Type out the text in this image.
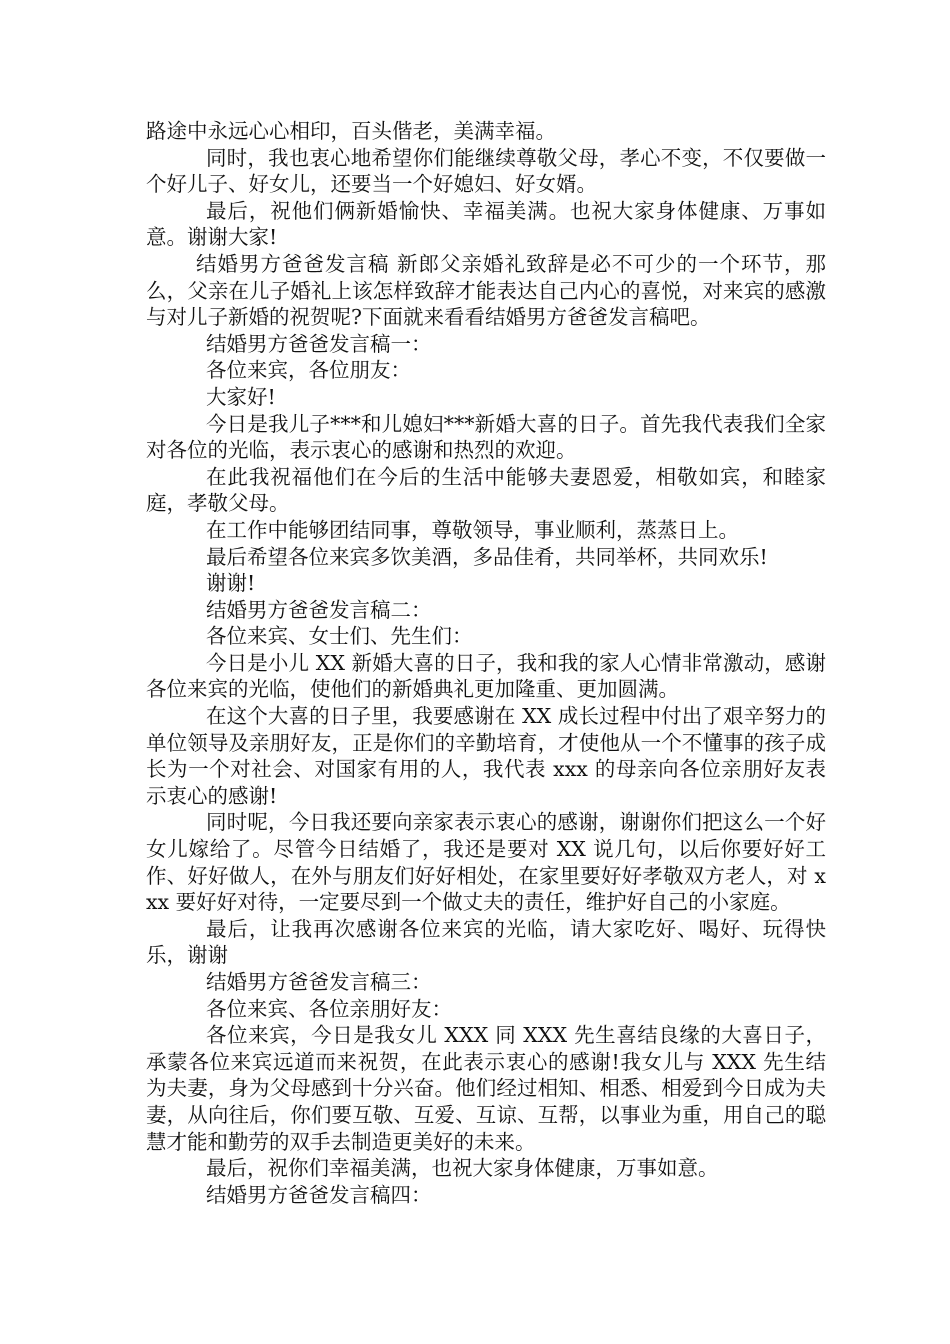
路途中永远心心相印，百头偕老，美满幸福。

同时，我也衷心地希望你们能继续尊敬父母，孝心不变，不仅要做一个好儿子、好女儿，还要当一个好媳妇、好女婿。

最后，祝他们俩新婚愉快、幸福美满。也祝大家身体健康、万事如意。谢谢大家!

结婚男方爸爸发言稿 新郎父亲婚礼致辞是必不可少的一个环节，那么，父亲在儿子婚礼上该怎样致辞才能表达自己内心的喜悦，对来宾的感激与对儿子新婚的祝贺呢?下面就来看看结婚男方爸爸发言稿吧。

结婚男方爸爸发言稿一：

各位来宾，各位朋友：

大家好!

今日是我儿子***和儿媳妇***新婚大喜的日子。首先我代表我们全家对各位的光临，表示衷心的感谢和热烈的欢迎。

在此我祝福他们在今后的生活中能够夫妻恩爱，相敬如宾，和睦家庭，孝敬父母。

在工作中能够团结同事，尊敬领导，事业顺利，蒸蒸日上。

最后希望各位来宾多饮美酒，多品佳肴，共同举杯，共同欢乐!

谢谢!

结婚男方爸爸发言稿二：

各位来宾、女士们、先生们：

今日是小儿 XX 新婚大喜的日子，我和我的家人心情非常激动，感谢各位来宾的光临，使他们的新婚典礼更加隆重、更加圆满。

在这个大喜的日子里，我要感谢在 XX 成长过程中付出了艰辛努力的单位领导及亲朋好友，正是你们的辛勤培育，才使他从一个不懂事的孩子成长为一个对社会、对国家有用的人，我代表 xxx 的母亲向各位亲朋好友表示衷心的感谢!

同时呢，今日我还要向亲家表示衷心的感谢，谢谢你们把这么一个好女儿嫁给了。尽管今日结婚了，我还是要对 XX 说几句，以后你要好好工作、好好做人，在外与朋友们好好相处，在家里要好好孝敬双方老人，对 xxx 要好好对待，一定要尽到一个做丈夫的责任，维护好自己的小家庭。

最后，让我再次感谢各位来宾的光临，请大家吃好、喝好、玩得快乐，谢谢

结婚男方爸爸发言稿三：

各位来宾、各位亲朋好友：

各位来宾，今日是我女儿 XXX 同 XXX 先生喜结良缘的大喜日子，承蒙各位来宾远道而来祝贺，在此表示衷心的感谢!我女儿与 XXX 先生结为夫妻，身为父母感到十分兴奋。他们经过相知、相悉、相爱到今日成为夫妻，从向往后，你们要互敬、互爱、互谅、互帮，以事业为重，用自己的聪慧才能和勤劳的双手去制造更美好的未来。

最后，祝你们幸福美满，也祝大家身体健康，万事如意。

结婚男方爸爸发言稿四：
